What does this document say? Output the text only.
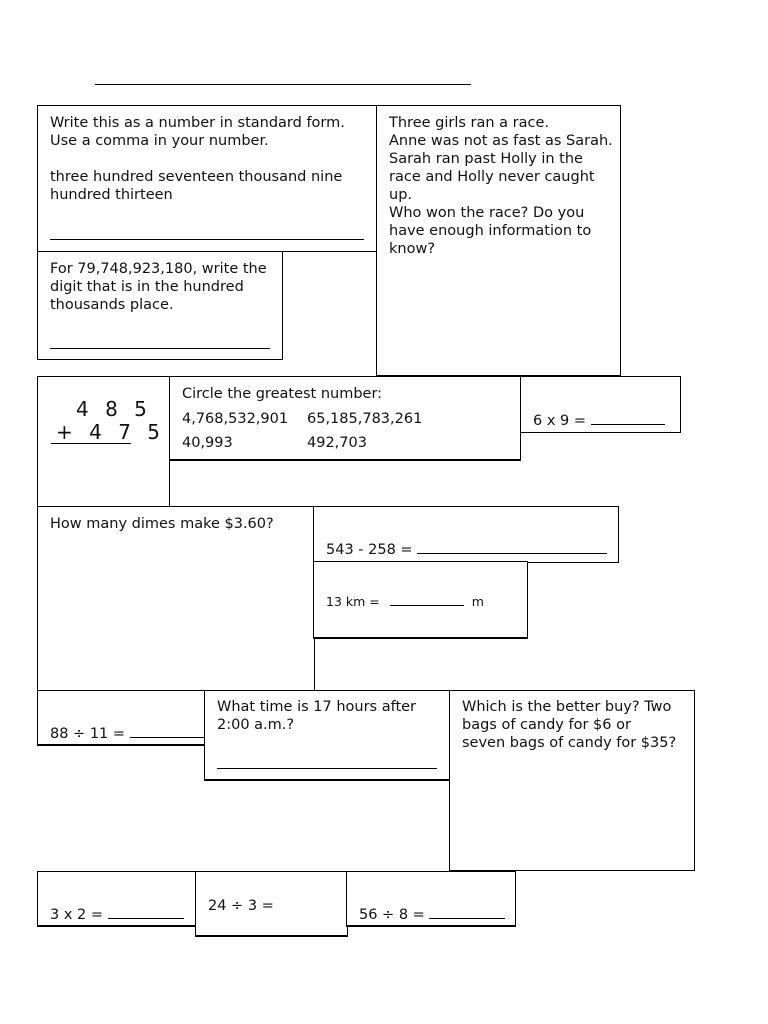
Write this as a number in standard form.
Use a comma in your number.
three hundred seventeen thousand nine
hundred thirteen
For 79,748,923,180, write the
digit that is in the hundred
thousands place.
Three girls ran a race.
Anne was not as fast as Sarah.
Sarah ran past Holly in the
race and Holly never caught
up.
Who won the race? Do you
have enough information to
know?
4 8 5
+ 4 7 5
Circle the greatest number:
4,768,532,901 65,185,783,261
40,993	492,703
6 x 9 =
How many dimes make $3.60?
543 - 258 =
13 km =	m
88 ÷ 11 =
What time is 17 hours after
2:00 a.m.?
Which is the better buy? Two
bags of candy for $6 or
seven bags of candy for $35?
3 x 2 =
24 ÷ 3 =
56 ÷ 8 =
